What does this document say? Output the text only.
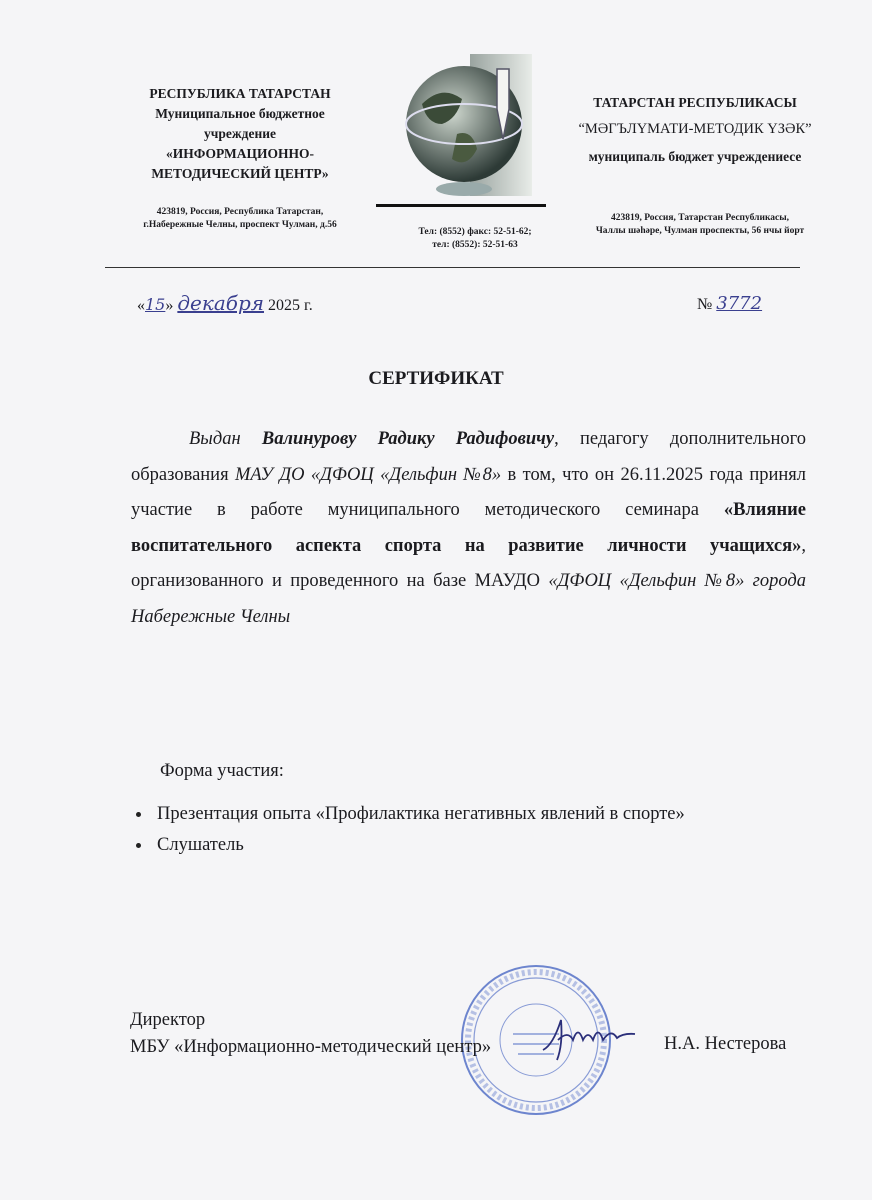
РЕСПУБЛИКА ТАТАРСТАН
Муниципальное бюджетное
учреждение
«ИНФОРМАЦИОННО-
МЕТОДИЧЕСКИЙ ЦЕНТР»
423819, Россия, Республика Татарстан,
г.Набережные Челны, проспект Чулман, д.56
Тел: (8552) факс: 52-51-62;
тел: (8552): 52-51-63
ТАТАРСТАН РЕСПУБЛИКАСЫ
“МӘГЪЛҮМАТИ-МЕТОДИК ҮЗӘК”
муниципаль бюджет учреждениесе
423819, Россия, Татарстан Республикасы,
Чаллы шәһәре, Чулман проспекты, 56 нчы йорт
«15» декабря 2025 г.	№ 3772
СЕРТИФИКАТ
Выдан Валинурову Радику Радифовичу, педагогу дополнительного образования МАУ ДО «ДФОЦ «Дельфин №8» в том, что он 26.11.2025 года принял участие в работе муниципального методического семинара «Влияние воспитательного аспекта спорта на развитие личности учащихся», организованного и проведенного на базе МАУДО «ДФОЦ «Дельфин №8» города Набережные Челны
Форма участия:
Презентация опыта «Профилактика негативных явлений в спорте»
Слушатель
Директор
МБУ «Информационно-методический центр»	Н.А. Нестерова
